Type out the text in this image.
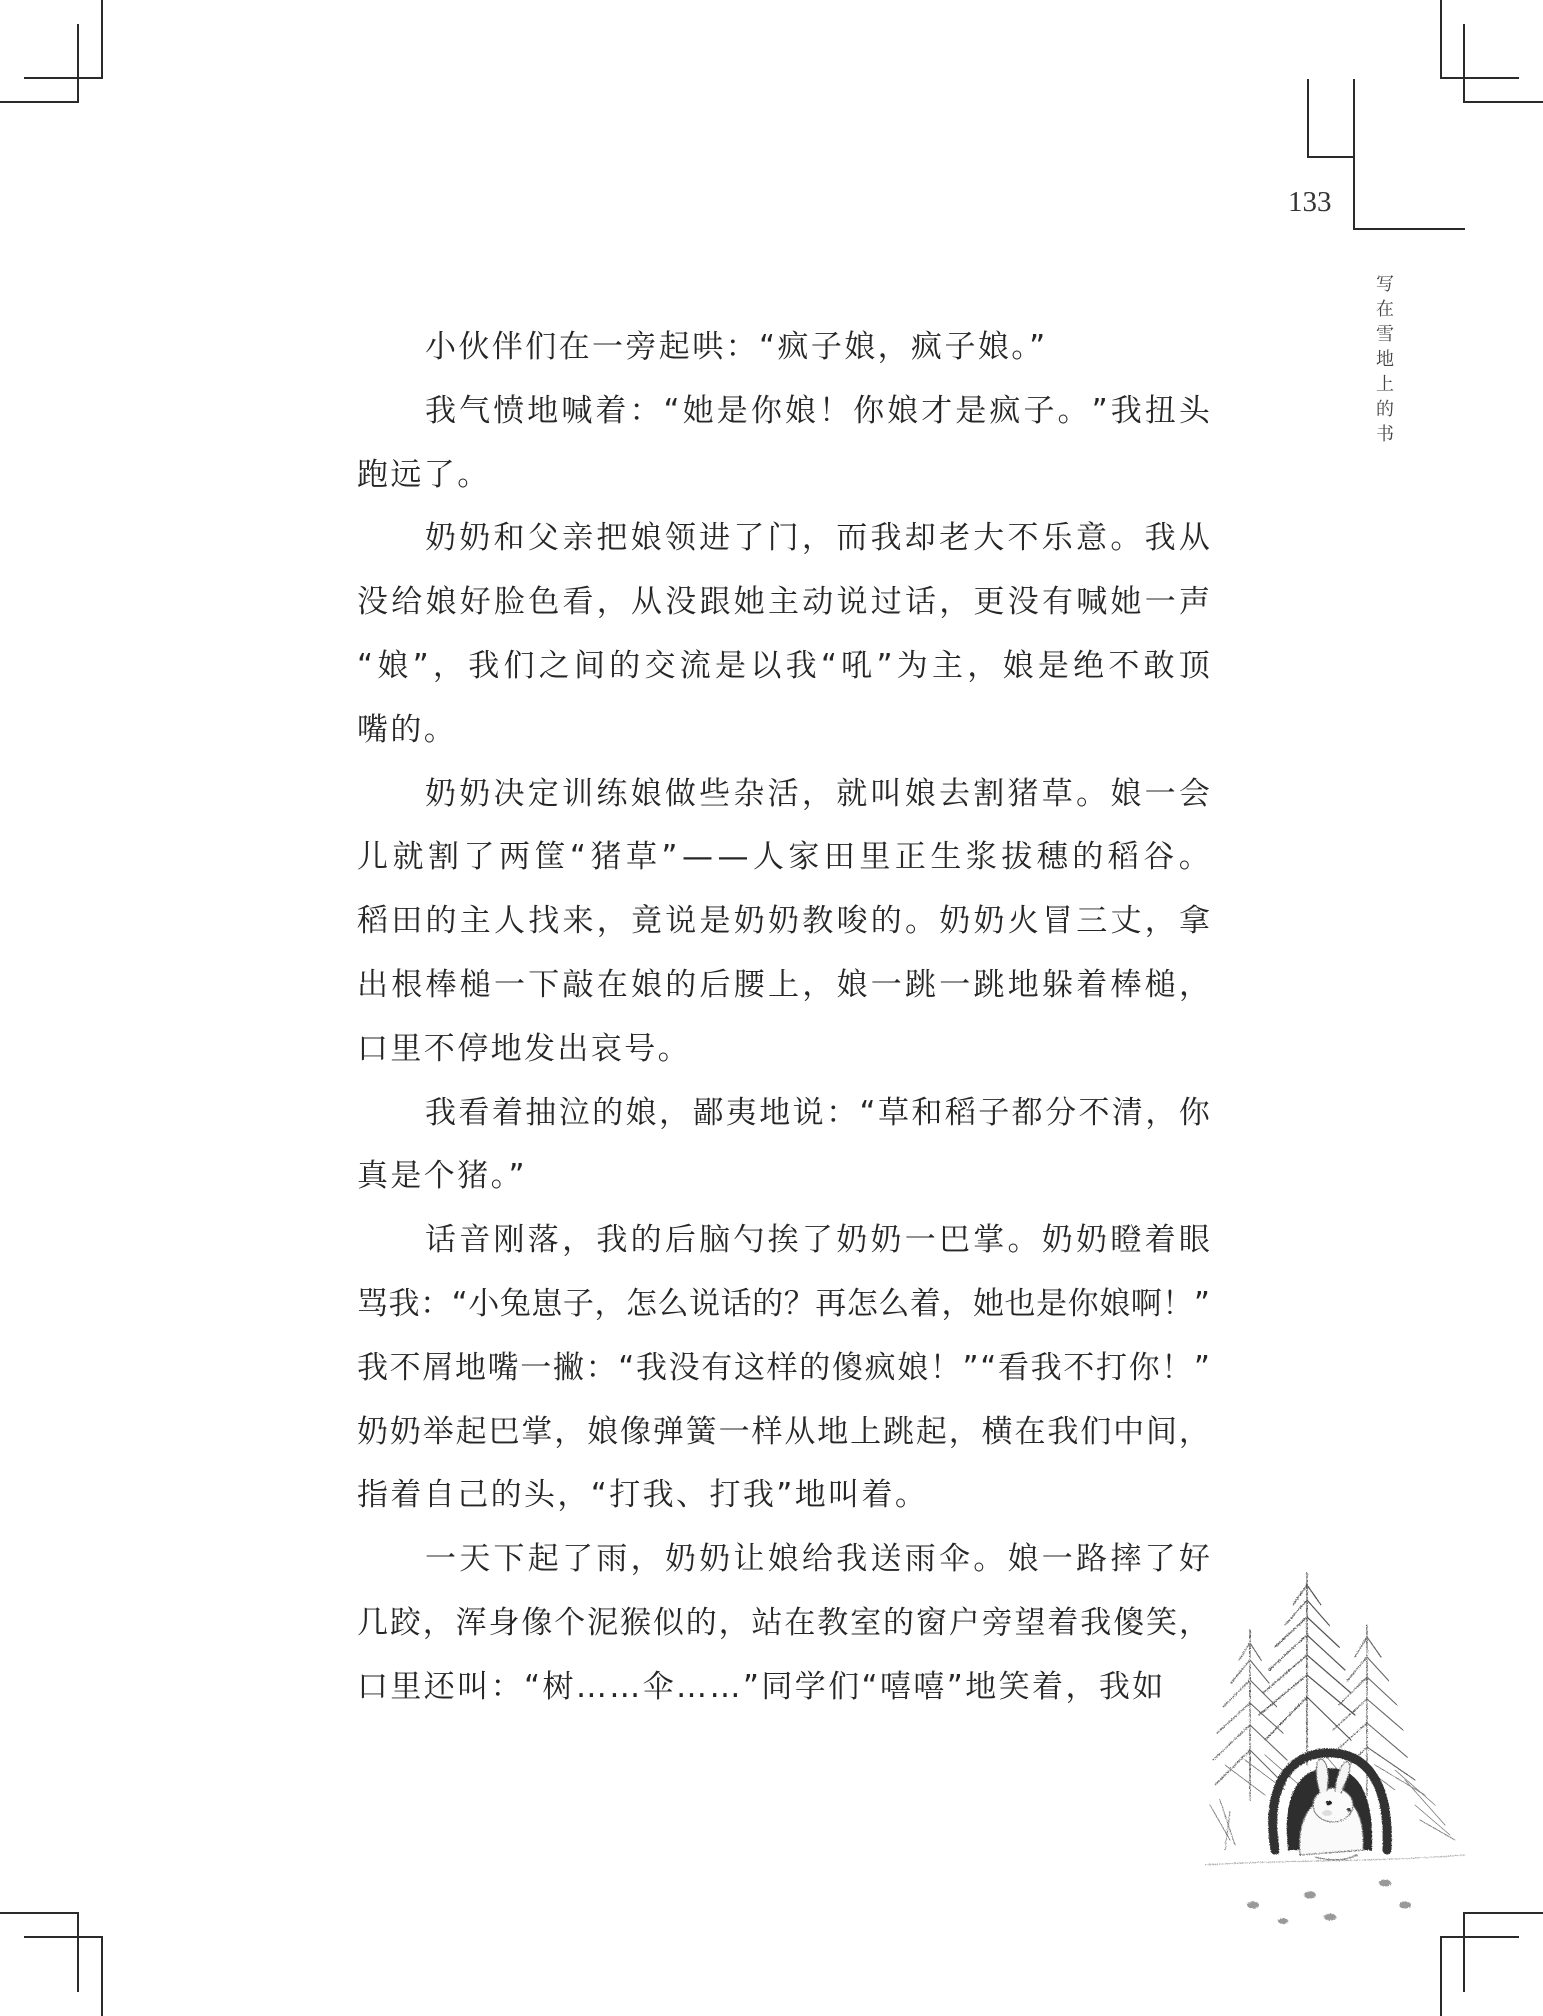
133
写在雪地上的书
小伙伴们在一旁起哄：“疯子娘，疯子娘。”
我 气 愤 地 喊 着 ： “ 她 是 你 娘 ！ 你 娘 才 是 疯 子 。 ” 我 扭 头
跑远了。
奶 奶 和 父 亲 把 娘 领 进 了 门 ， 而 我 却 老 大 不 乐 意 。 我 从
没 给 娘 好 脸 色 看 ， 从 没 跟 她 主 动 说 过 话 ， 更 没 有 喊 她 一 声
“ 娘 ” ， 我 们 之 间 的 交 流 是 以 我 “ 吼 ” 为 主 ， 娘 是 绝 不 敢 顶
嘴的。
奶 奶 决 定 训 练 娘 做 些 杂 活 ， 就 叫 娘 去 割 猪 草 。 娘 一 会
儿 就 割 了 两 筐 “ 猪 草 ” — — 人 家 田 里 正 生 浆 拔 穗 的 稻 谷 。
稻 田 的 主 人 找 来 ， 竟 说 是 奶 奶 教 唆 的 。 奶 奶 火 冒 三 丈 ， 拿
出 根 棒 槌 一 下 敲 在 娘 的 后 腰 上 ， 娘 一 跳 一 跳 地 躲 着 棒 槌 ，
口里不停地发出哀号。
我 看 着 抽 泣 的 娘 ， 鄙 夷 地 说 ： “ 草 和 稻 子 都 分 不 清 ， 你
真是个猪。”
话 音 刚 落 ， 我 的 后 脑 勺 挨 了 奶 奶 一 巴 掌 。 奶 奶 瞪 着 眼
骂 我 ： “ 小 兔 崽 子 ， 怎 么 说 话 的 ？ 再 怎 么 着 ， 她 也 是 你 娘 啊 ！ ”
我 不 屑 地 嘴 一 撇 ： “ 我 没 有 这 样 的 傻 疯 娘 ！ ” “ 看 我 不 打 你 ！ ”
奶 奶 举 起 巴 掌 ， 娘 像 弹 簧 一 样 从 地 上 跳 起 ， 横 在 我 们 中 间 ，
指着自己的头，“打我、打我”地叫着。
一 天 下 起 了 雨 ， 奶 奶 让 娘 给 我 送 雨 伞 。 娘 一 路 摔 了 好
几 跤 ， 浑 身 像 个 泥 猴 似 的 ， 站 在 教 室 的 窗 户 旁 望 着 我 傻 笑 ，
口里还叫：“树……伞……”同学们“嘻嘻”地笑着，我如
